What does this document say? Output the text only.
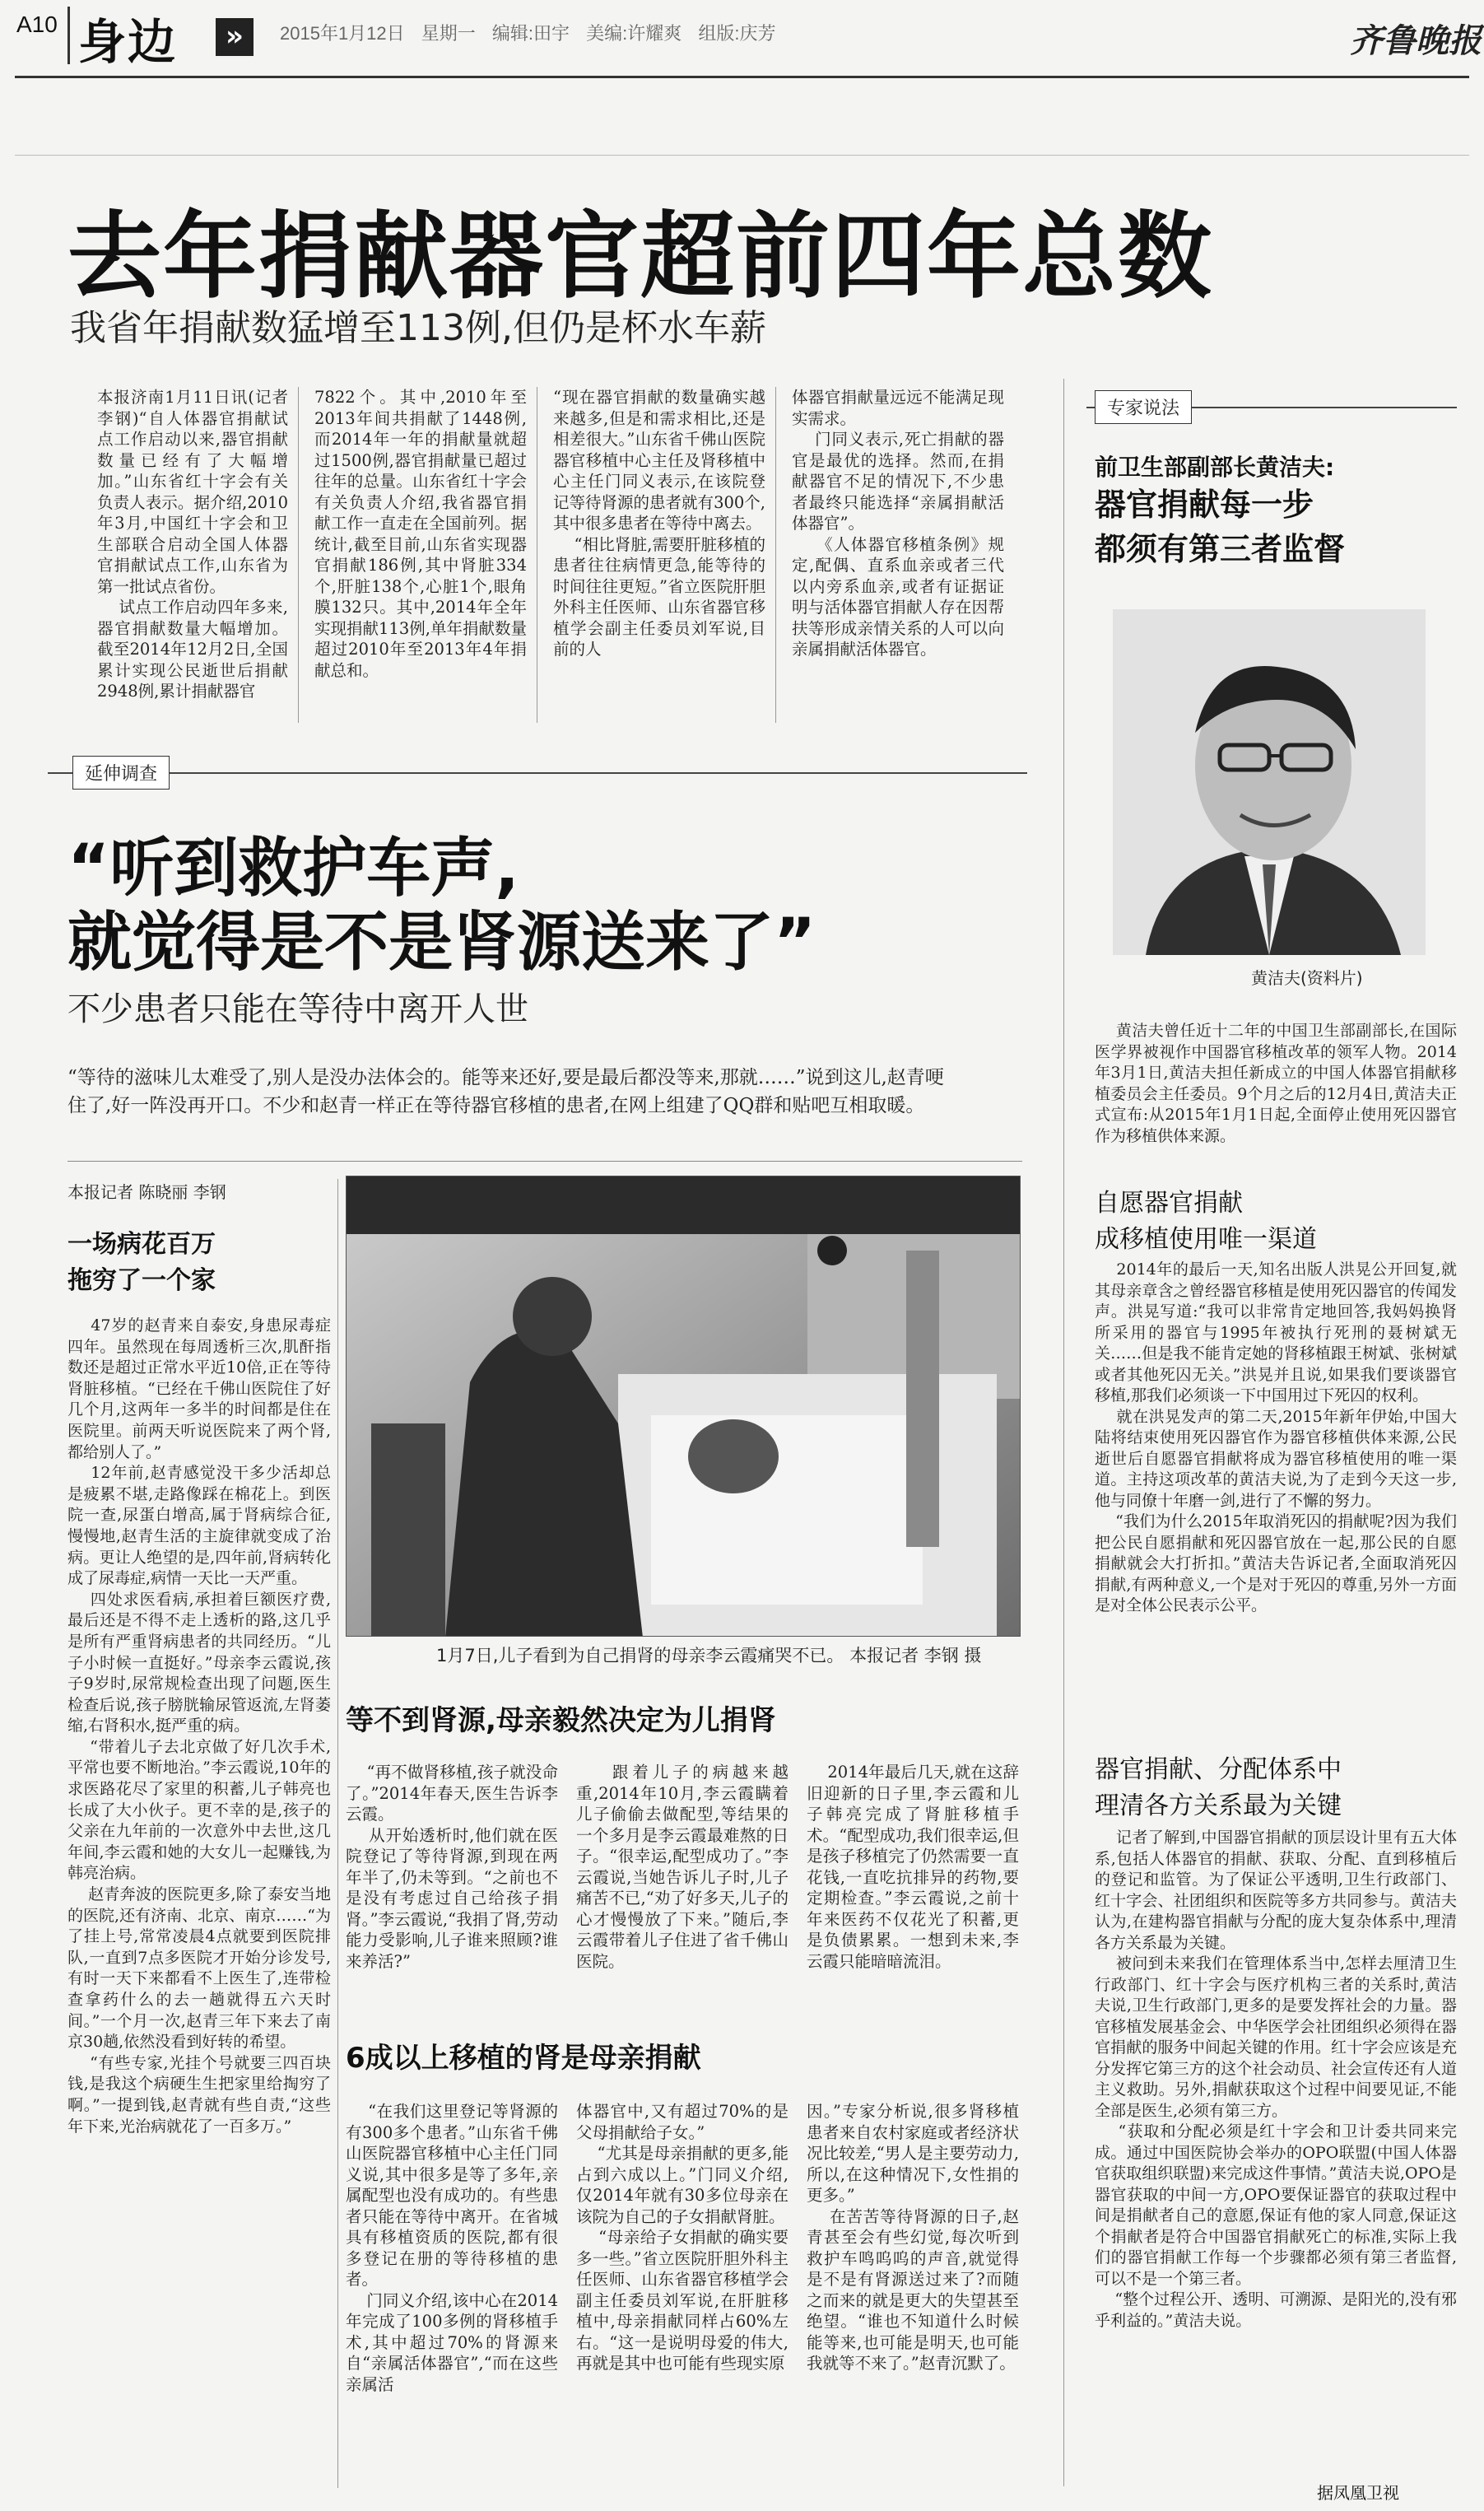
A10 身边	»	2015年1月12日 星期一 编辑:田宇 美编:许耀爽 组版:庆芳	齐鲁晚报
去年捐献器官超前四年总数
我省年捐献数猛增至113例,但仍是杯水车薪
本报济南1月11日讯(记者 李钢)“自人体器官捐献试点工作启动以来,器官捐献数量已经有了大幅增加。”山东省红十字会有关负责人表示。据介绍,2010年3月,中国红十字会和卫生部联合启动全国人体器官捐献试点工作,山东省为第一批试点省份。
试点工作启动四年多来,器官捐献数量大幅增加。截至2014年12月2日,全国累计实现公民逝世后捐献2948例,累计捐献器官
7822个。其中,2010年至2013年间共捐献了1448例,而2014年一年的捐献量就超过1500例,器官捐献量已超过往年的总量。山东省红十字会有关负责人介绍,我省器官捐献工作一直走在全国前列。据统计,截至目前,山东省实现器官捐献186例,其中肾脏334个,肝脏138个,心脏1个,眼角膜132只。其中,2014年全年实现捐献113例,单年捐献数量超过2010年至2013年4年捐献总和。
“现在器官捐献的数量确实越来越多,但是和需求相比,还是相差很大。”山东省千佛山医院器官移植中心主任及肾移植中心主任门同义表示,在该院登记等待肾源的患者就有300个,其中很多患者在等待中离去。
“相比肾脏,需要肝脏移植的患者往往病情更急,能等待的时间往往更短。”省立医院肝胆外科主任医师、山东省器官移植学会副主任委员刘军说,目前的人
体器官捐献量远远不能满足现实需求。
门同义表示,死亡捐献的器官是最优的选择。然而,在捐献器官不足的情况下,不少患者最终只能选择“亲属捐献活体器官”。
《人体器官移植条例》规定,配偶、直系血亲或者三代以内旁系血亲,或者有证据证明与活体器官捐献人存在因帮扶等形成亲情关系的人可以向亲属捐献活体器官。
延伸调查
“听到救护车声,
就觉得是不是肾源送来了”
不少患者只能在等待中离开人世
“等待的滋味儿太难受了,别人是没办法体会的。能等来还好,要是最后都没等来,那就……”说到这儿,赵青哽住了,好一阵没再开口。不少和赵青一样正在等待器官移植的患者,在网上组建了QQ群和贴吧互相取暖。
本报记者 陈晓丽 李钢
一场病花百万
拖穷了一个家
47岁的赵青来自泰安,身患尿毒症四年。虽然现在每周透析三次,肌酐指数还是超过正常水平近10倍,正在等待肾脏移植。“已经在千佛山医院住了好几个月,这两年一多半的时间都是住在医院里。前两天听说医院来了两个肾,都给别人了。”
12年前,赵青感觉没干多少活却总是疲累不堪,走路像踩在棉花上。到医院一查,尿蛋白增高,属于肾病综合征,慢慢地,赵青生活的主旋律就变成了治病。更让人绝望的是,四年前,肾病转化成了尿毒症,病情一天比一天严重。
四处求医看病,承担着巨额医疗费,最后还是不得不走上透析的路,这几乎是所有严重肾病患者的共同经历。“儿子小时候一直挺好。”母亲李云霞说,孩子9岁时,尿常规检查出现了问题,医生检查后说,孩子膀胱输尿管返流,左肾萎缩,右肾积水,挺严重的病。
“带着儿子去北京做了好几次手术,平常也要不断地治。”李云霞说,10年的求医路花尽了家里的积蓄,儿子韩亮也长成了大小伙子。更不幸的是,孩子的父亲在九年前的一次意外中去世,这几年间,李云霞和她的大女儿一起赚钱,为韩亮治病。
赵青奔波的医院更多,除了泰安当地的医院,还有济南、北京、南京……“为了挂上号,常常凌晨4点就要到医院排队,一直到7点多医院才开始分诊发号,有时一天下来都看不上医生了,连带检查拿药什么的去一趟就得五六天时间。”一个月一次,赵青三年下来去了南京30趟,依然没看到好转的希望。
“有些专家,光挂个号就要三四百块钱,是我这个病硬生生把家里给掏穷了啊。”一提到钱,赵青就有些自责,“这些年下来,光治病就花了一百多万。”
1月7日,儿子看到为自己捐肾的母亲李云霞痛哭不已。 本报记者 李钢 摄
等不到肾源,母亲毅然决定为儿捐肾
“再不做肾移植,孩子就没命了。”2014年春天,医生告诉李云霞。
从开始透析时,他们就在医院登记了等待肾源,到现在两年半了,仍未等到。“之前也不是没有考虑过自己给孩子捐肾。”李云霞说,“我捐了肾,劳动能力受影响,儿子谁来照顾?谁来养活?”
跟着儿子的病越来越重,2014年10月,李云霞瞒着儿子偷偷去做配型,等结果的一个多月是李云霞最难熬的日子。“很幸运,配型成功了。”李云霞说,当她告诉儿子时,儿子痛苦不已,“劝了好多天,儿子的心才慢慢放了下来。”随后,李云霞带着儿子住进了省千佛山医院。
2014年最后几天,就在这辞旧迎新的日子里,李云霞和儿子韩亮完成了肾脏移植手术。“配型成功,我们很幸运,但是孩子移植完了仍然需要一直花钱,一直吃抗排异的药物,要定期检查。”李云霞说,之前十年来医药不仅花光了积蓄,更是负债累累。一想到未来,李云霞只能暗暗流泪。
6成以上移植的肾是母亲捐献
“在我们这里登记等肾源的有300多个患者。”山东省千佛山医院器官移植中心主任门同义说,其中很多是等了多年,亲属配型也没有成功的。有些患者只能在等待中离开。在省城具有移植资质的医院,都有很多登记在册的等待移植的患者。
门同义介绍,该中心在2014年完成了100多例的肾移植手术,其中超过70%的肾源来自“亲属活体器官”,“而在这些亲属活
体器官中,又有超过70%的是父母捐献给子女。”
“尤其是母亲捐献的更多,能占到六成以上。”门同义介绍,仅2014年就有30多位母亲在该院为自己的子女捐献肾脏。
“母亲给子女捐献的确实要多一些。”省立医院肝胆外科主任医师、山东省器官移植学会副主任委员刘军说,在肝脏移植中,母亲捐献同样占60%左右。“这一是说明母爱的伟大,再就是其中也可能有些现实原
因。”专家分析说,很多肾移植患者来自农村家庭或者经济状况比较差,“男人是主要劳动力,所以,在这种情况下,女性捐的更多。”
在苦苦等待肾源的日子,赵青甚至会有些幻觉,每次听到救护车鸣呜呜的声音,就觉得是不是有肾源送过来了?而随之而来的就是更大的失望甚至绝望。“谁也不知道什么时候能等来,也可能是明天,也可能我就等不来了。”赵青沉默了。
专家说法
前卫生部副部长黄洁夫:
器官捐献每一步
都须有第三者监督
黄洁夫(资料片)
黄洁夫曾任近十二年的中国卫生部副部长,在国际医学界被视作中国器官移植改革的领军人物。2014年3月1日,黄洁夫担任新成立的中国人体器官捐献移植委员会主任委员。9个月之后的12月4日,黄洁夫正式宣布:从2015年1月1日起,全面停止使用死囚器官作为移植供体来源。
自愿器官捐献
成移植使用唯一渠道
2014年的最后一天,知名出版人洪晃公开回复,就其母亲章含之曾经器官移植是使用死囚器官的传闻发声。洪晃写道:“我可以非常肯定地回答,我妈妈换肾所采用的器官与1995年被执行死刑的聂树斌无关……但是我不能肯定她的肾移植跟王树斌、张树斌或者其他死囚无关。”洪晃并且说,如果我们要谈器官移植,那我们必须谈一下中国用过下死囚的权利。
就在洪晃发声的第二天,2015年新年伊始,中国大陆将结束使用死囚器官作为器官移植供体来源,公民逝世后自愿器官捐献将成为器官移植使用的唯一渠道。主持这项改革的黄洁夫说,为了走到今天这一步,他与同僚十年磨一剑,进行了不懈的努力。
“我们为什么2015年取消死囚的捐献呢?因为我们把公民自愿捐献和死囚器官放在一起,那公民的自愿捐献就会大打折扣。”黄洁夫告诉记者,全面取消死囚捐献,有两种意义,一个是对于死囚的尊重,另外一方面是对全体公民表示公平。
器官捐献、分配体系中
理清各方关系最为关键
记者了解到,中国器官捐献的顶层设计里有五大体系,包括人体器官的捐献、获取、分配、直到移植后的登记和监管。为了保证公平透明,卫生行政部门、红十字会、社团组织和医院等多方共同参与。黄洁夫认为,在建构器官捐献与分配的庞大复杂体系中,理清各方关系最为关键。
被问到未来我们在管理体系当中,怎样去厘清卫生行政部门、红十字会与医疗机构三者的关系时,黄洁夫说,卫生行政部门,更多的是要发挥社会的力量。器官移植发展基金会、中华医学会社团组织必须得在器官捐献的服务中间起关键的作用。红十字会应该是充分发挥它第三方的这个社会动员、社会宣传还有人道主义救助。另外,捐献获取这个过程中间要见证,不能全部是医生,必须有第三方。
“获取和分配必须是红十字会和卫计委共同来完成。通过中国医院协会举办的OPO联盟(中国人体器官获取组织联盟)来完成这件事情。”黄洁夫说,OPO是器官获取的中间一方,OPO要保证器官的获取过程中间是捐献者自己的意愿,保证有他的家人同意,保证这个捐献者是符合中国器官捐献死亡的标准,实际上我们的器官捐献工作每一个步骤都必须有第三者监督,可以不是一个第三者。
“整个过程公开、透明、可溯源、是阳光的,没有邪乎利益的。”黄洁夫说。
据凤凰卫视
